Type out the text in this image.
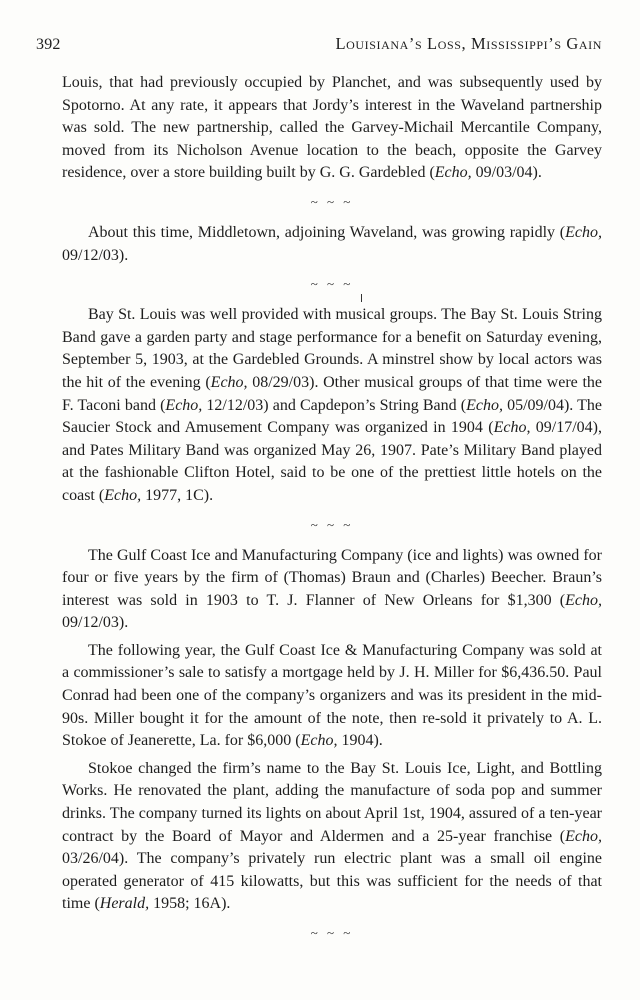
392	Louisiana’s Loss, Mississippi’s Gain

Louis, that had previously occupied by Planchet, and was subsequently used by Spotorno. At any rate, it appears that Jordy’s interest in the Waveland partnership was sold. The new partnership, called the Garvey-Michail Mercantile Company, moved from its Nicholson Avenue location to the beach, opposite the Garvey residence, over a store building built by G. G. Gardebled (Echo, 09/03/04).

~ ~ ~

About this time, Middletown, adjoining Waveland, was growing rapidly (Echo, 09/12/03).

~ ~ ~

Bay St. Louis was well provided with musical groups. The Bay St. Louis String Band gave a garden party and stage performance for a benefit on Saturday evening, September 5, 1903, at the Gardebled Grounds. A minstrel show by local actors was the hit of the evening (Echo, 08/29/03). Other musical groups of that time were the F. Taconi band (Echo, 12/12/03) and Capdepon’s String Band (Echo, 05/09/04). The Saucier Stock and Amusement Company was organized in 1904 (Echo, 09/17/04), and Pates Military Band was organized May 26, 1907. Pate’s Military Band played at the fashionable Clifton Hotel, said to be one of the prettiest little hotels on the coast (Echo, 1977, 1C).

~ ~ ~

The Gulf Coast Ice and Manufacturing Company (ice and lights) was owned for four or five years by the firm of (Thomas) Braun and (Charles) Beecher. Braun’s interest was sold in 1903 to T. J. Flanner of New Orleans for $1,300 (Echo, 09/12/03).

The following year, the Gulf Coast Ice & Manufacturing Company was sold at a commissioner’s sale to satisfy a mortgage held by J. H. Miller for $6,436.50. Paul Conrad had been one of the company’s organizers and was its president in the mid-90s. Miller bought it for the amount of the note, then re-sold it privately to A. L. Stokoe of Jeanerette, La. for $6,000 (Echo, 1904).

Stokoe changed the firm’s name to the Bay St. Louis Ice, Light, and Bottling Works. He renovated the plant, adding the manufacture of soda pop and summer drinks. The company turned its lights on about April 1st, 1904, assured of a ten-year contract by the Board of Mayor and Aldermen and a 25-year franchise (Echo, 03/26/04). The company’s privately run electric plant was a small oil engine operated generator of 415 kilowatts, but this was sufficient for the needs of that time (Herald, 1958; 16A).

~ ~ ~
